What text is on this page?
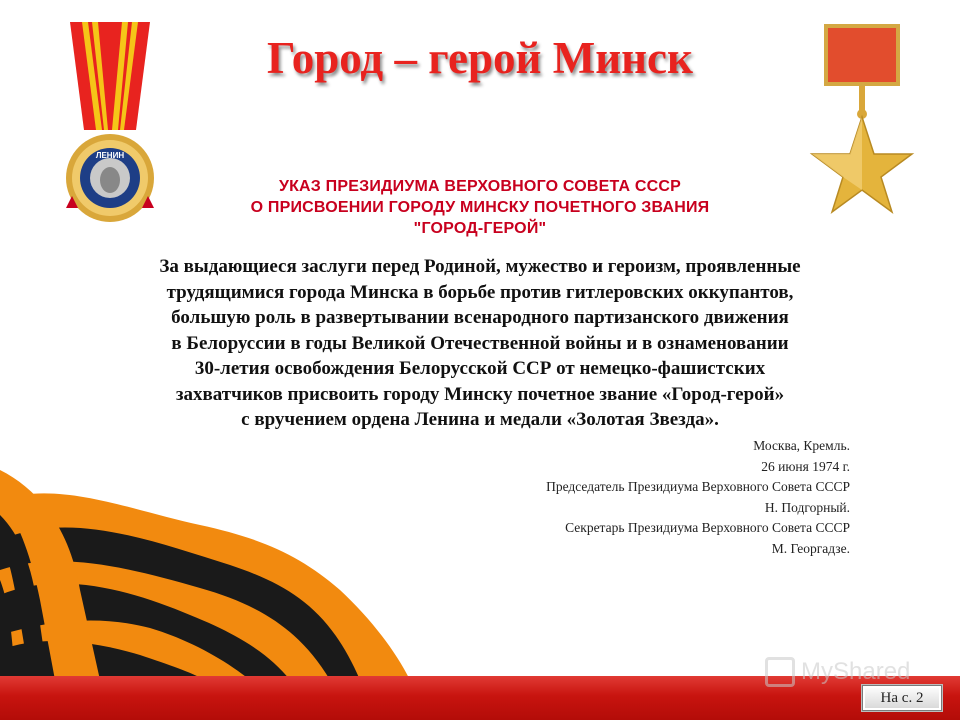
ЛЕНИН
Город – герой Минск
УКАЗ ПРЕЗИДИУМА ВЕРХОВНОГО СОВЕТА СССР
О ПРИСВОЕНИИ ГОРОДУ МИНСКУ ПОЧЕТНОГО ЗВАНИЯ
"ГОРОД-ГЕРОЙ"
За выдающиеся заслуги перед Родиной, мужество и героизм, проявленные
трудящимися города Минска в борьбе против гитлеровских оккупантов,
большую роль в развертывании всенародного партизанского движения
в Белоруссии в годы Великой Отечественной войны и в ознаменовании
30-летия освобождения Белорусской ССР от немецко-фашистских
захватчиков присвоить городу Минску почетное звание «Город-герой»
с вручением ордена Ленина и медали «Золотая Звезда».
Москва, Кремль.
26 июня 1974 г.
Председатель Президиума Верховного Совета СССР
Н. Подгорный.
Секретарь Президиума Верховного Совета СССР
М. Георгадзе.
MyShared
На с. 2
